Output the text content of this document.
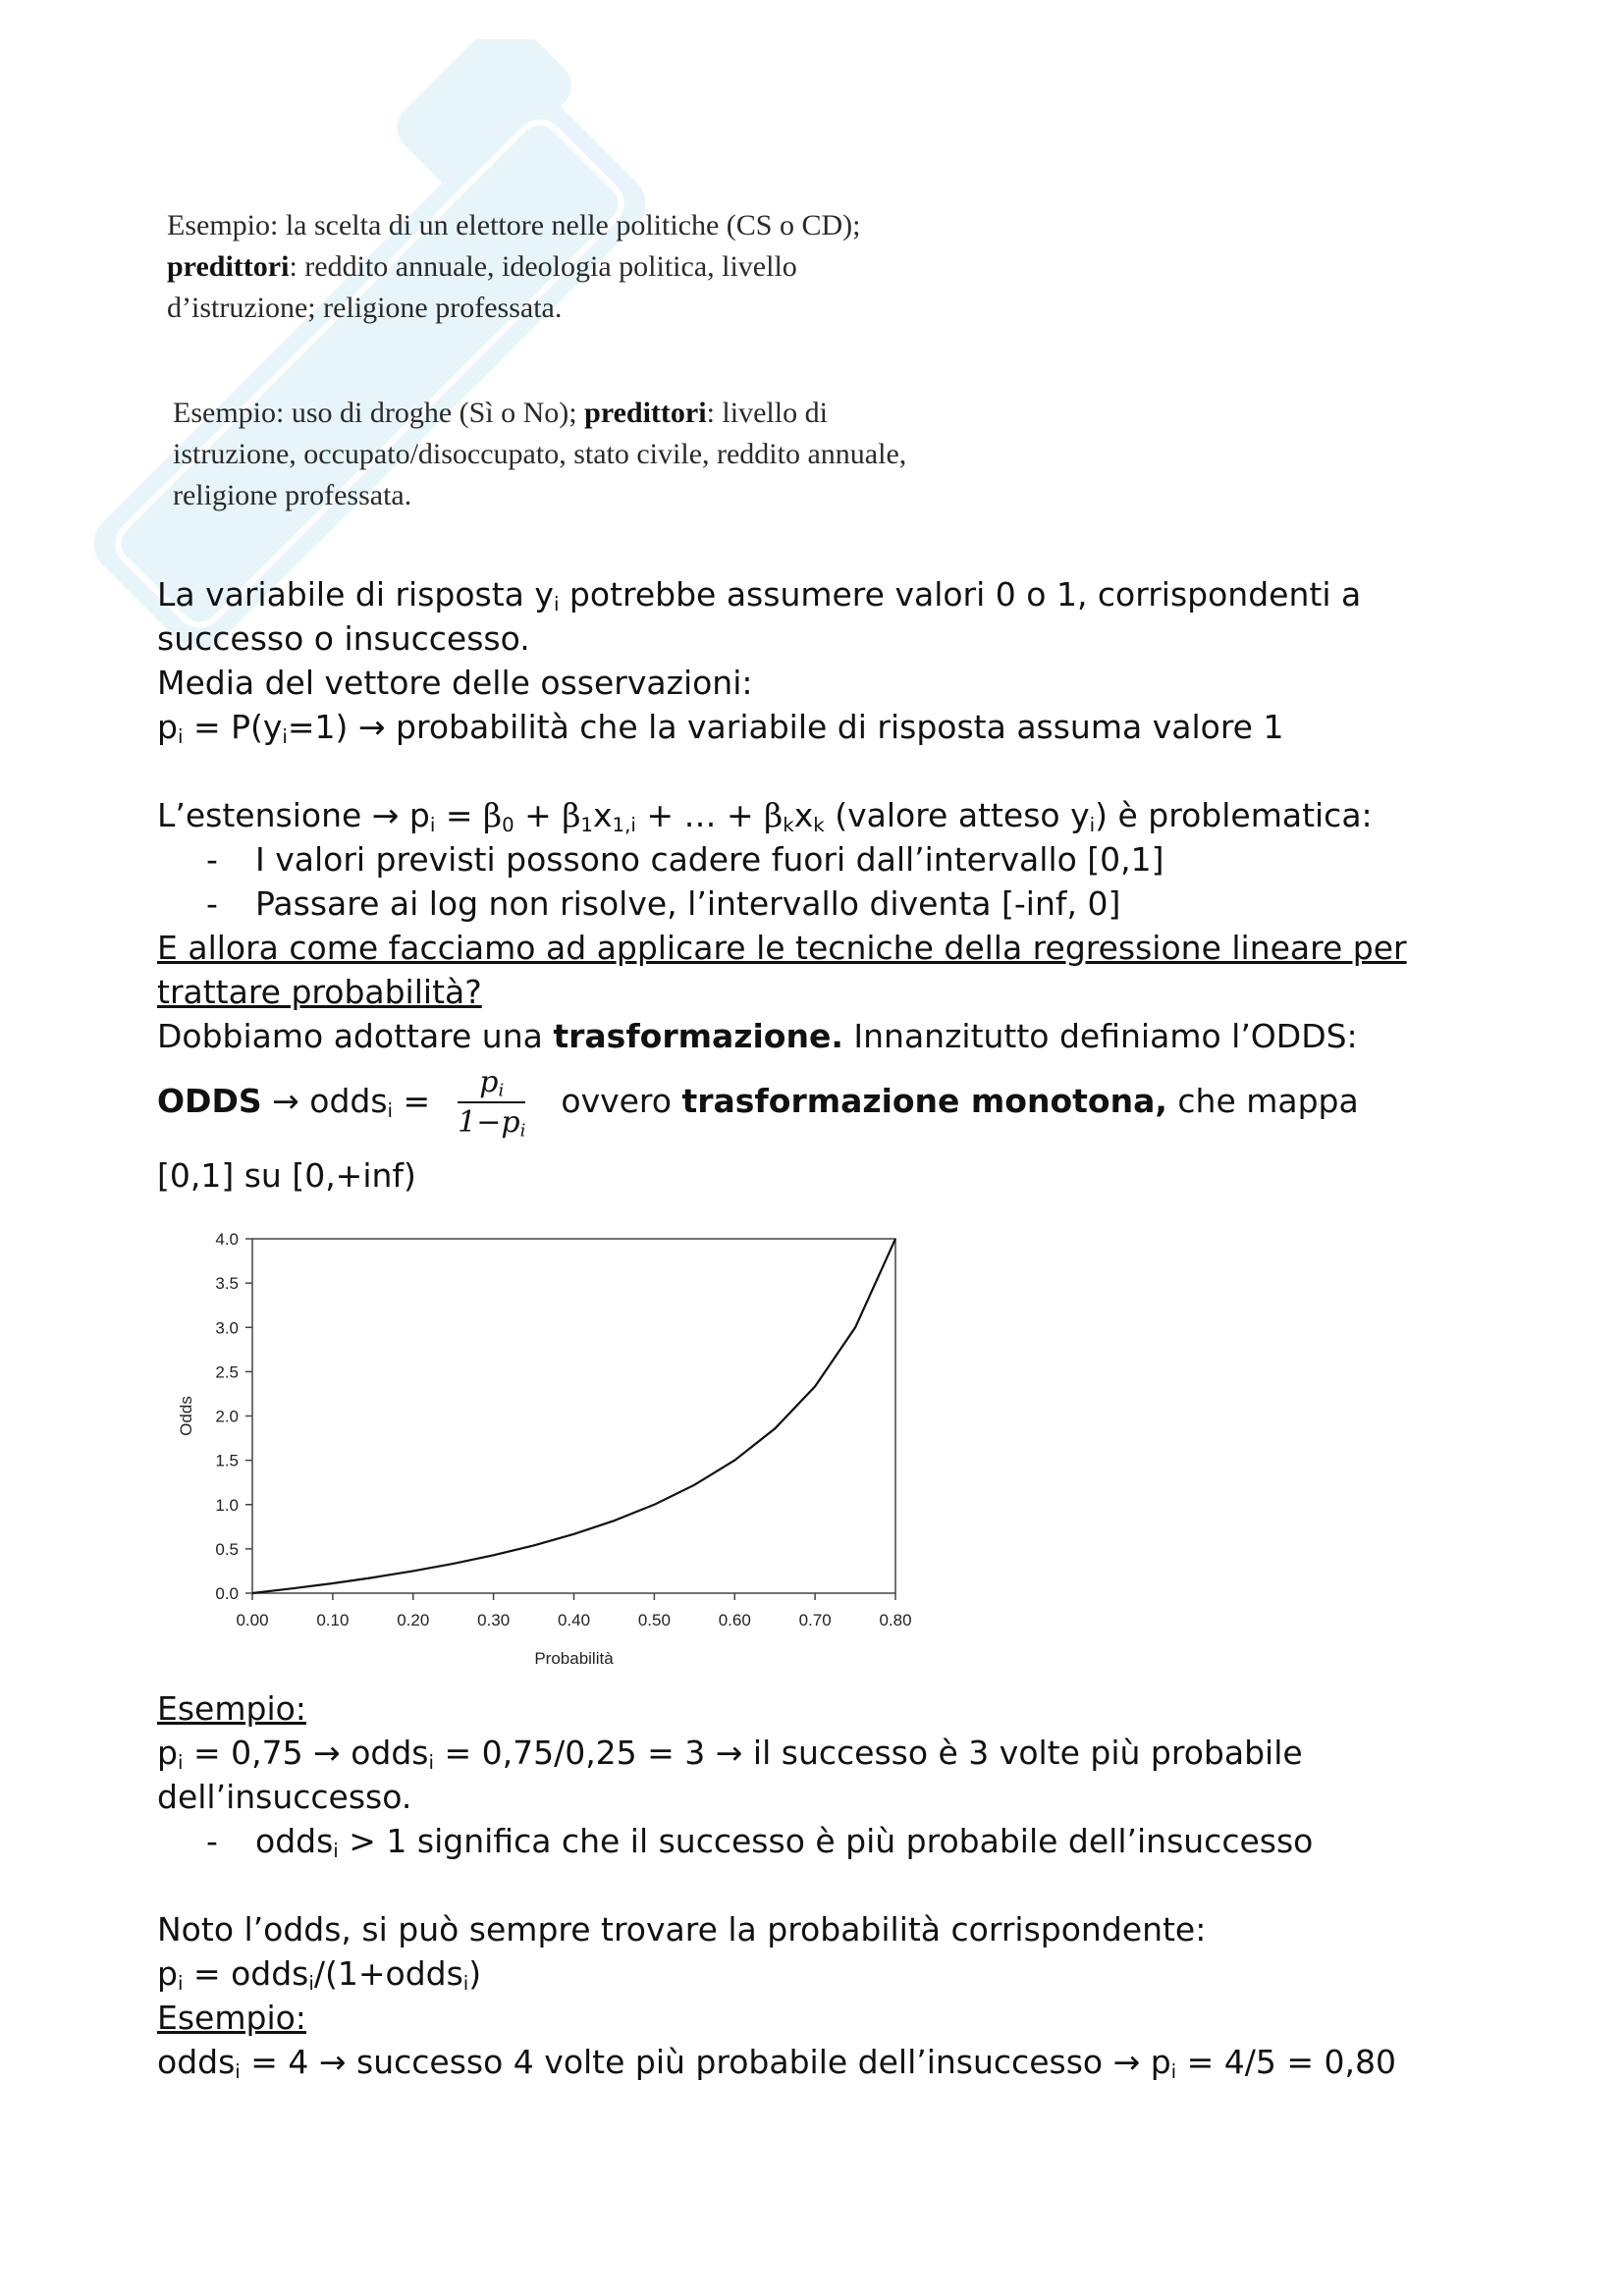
Esempio: la scelta di un elettore nelle politiche (CS o CD);
predittori: reddito annuale, ideologia politica, livello
d’istruzione; religione professata.
Esempio: uso di droghe (Sì o No); predittori: livello di
istruzione, occupato/disoccupato, stato civile, reddito annuale,
religione professata.
La variabile di risposta $y_i$ potrebbe assumere valori 0 o 1, corrispondenti a
successo o insuccesso.
Media del vettore delle osservazioni:
$p_i = P(y_i=1)$ → probabilità che la variabile di risposta assuma valore 1
L’estensione → $p_i = \beta_0 + \beta_1x_{1,i}$ + … + $\beta_kx_k$ (valore atteso $y_i$) è problematica:
- I valori previsti possono cadere fuori dall’intervallo [0,1]
- Passare ai log non risolve, l’intervallo diventa [-inf, 0]
E allora come facciamo ad applicare le tecniche della regressione lineare per
trattare probabilità?
Dobbiamo adottare una trasformazione. Innanzitutto definiamo l’ODDS:
ODDS → odds$_i$ = $\frac{p_i}{1-p_i}$ ovvero trasformazione monotona, che mappa
[0,1] su [0,+inf)
0.0
0.5
1.0
1.5
2.0
2.5
3.0
3.5
4.0
0.00	0.10	0.20	0.30	0.40	0.50	0.60	0.70	0.80
Probabilità
Odds
Esempio:
$p_i = 0,75$ → odds$_i$ = 0,75/0,25 = 3 → il successo è 3 volte più probabile
dell’insuccesso.
- odds$_i$ > 1 significa che il successo è più probabile dell’insuccesso
Noto l’odds, si può sempre trovare la probabilità corrispondente:
$p_i$ = odds$_i$/(1+odds$_i$)
Esempio:
odds$_i$ = 4 → successo 4 volte più probabile dell’insuccesso → $p_i = 4/5 = 0,80$
